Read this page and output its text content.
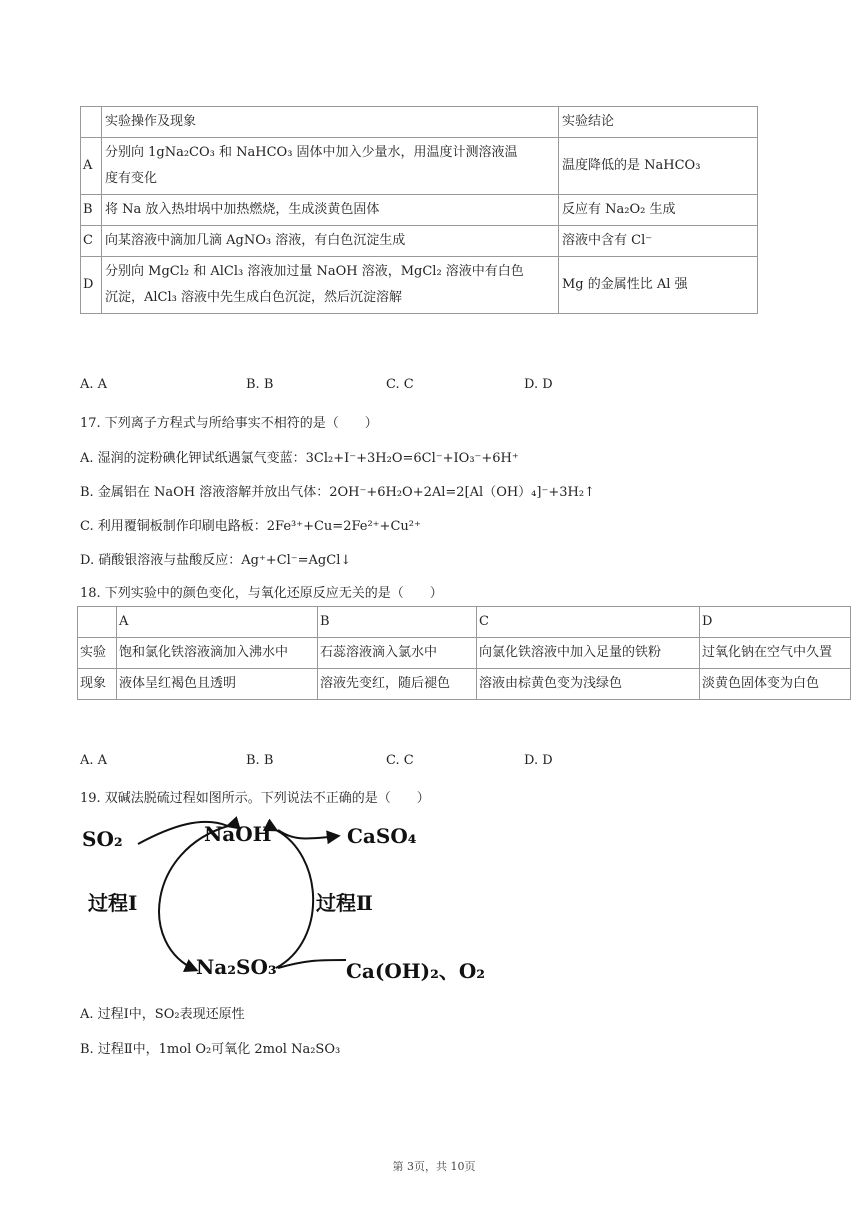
	实验操作及现象	实验结论
A	分别向 1gNa₂CO₃ 和 NaHCO₃ 固体中加入少量水，用温度计测溶液温
度有变化	温度降低的是 NaHCO₃
B	将 Na 放入热坩埚中加热燃烧，生成淡黄色固体	反应有 Na₂O₂ 生成
C	向某溶液中滴加几滴 AgNO₃ 溶液，有白色沉淀生成	溶液中含有 Cl⁻
D	分别向 MgCl₂ 和 AlCl₃ 溶液加过量 NaOH 溶液，MgCl₂ 溶液中有白色
沉淀，AlCl₃ 溶液中先生成白色沉淀，然后沉淀溶解	Mg 的金属性比 Al 强
A. A	B. B	C. C	D. D
17. 下列离子方程式与所给事实不相符的是（　　）
A. 湿润的淀粉碘化钾试纸遇氯气变蓝：3Cl₂+I⁻+3H₂O=6Cl⁻+IO₃⁻+6H⁺
B. 金属铝在 NaOH 溶液溶解并放出气体：2OH⁻+6H₂O+2Al=2[Al（OH）₄]⁻+3H₂↑
C. 利用覆铜板制作印刷电路板：2Fe³⁺+Cu=2Fe²⁺+Cu²⁺
D. 硝酸银溶液与盐酸反应：Ag⁺+Cl⁻=AgCl↓
18. 下列实验中的颜色变化，与氧化还原反应无关的是（　　）
	A	B	C	D
实验	饱和氯化铁溶液滴加入沸水中	石蕊溶液滴入氯水中	向氯化铁溶液中加入足量的铁粉	过氧化钠在空气中久置
现象	液体呈红褐色且透明	溶液先变红，随后褪色	溶液由棕黄色变为浅绿色	淡黄色固体变为白色
A. A	B. B	C. C	D. D
19. 双碱法脱硫过程如图所示。下列说法不正确的是（　　）
SO₂	NaOH	CaSO₄
过程Ⅰ	过程Ⅱ
Na₂SO₃	Ca(OH)₂、O₂
A. 过程Ⅰ中，SO₂表现还原性
B. 过程Ⅱ中，1mol O₂可氧化 2mol Na₂SO₃
第 3页，共 10页
